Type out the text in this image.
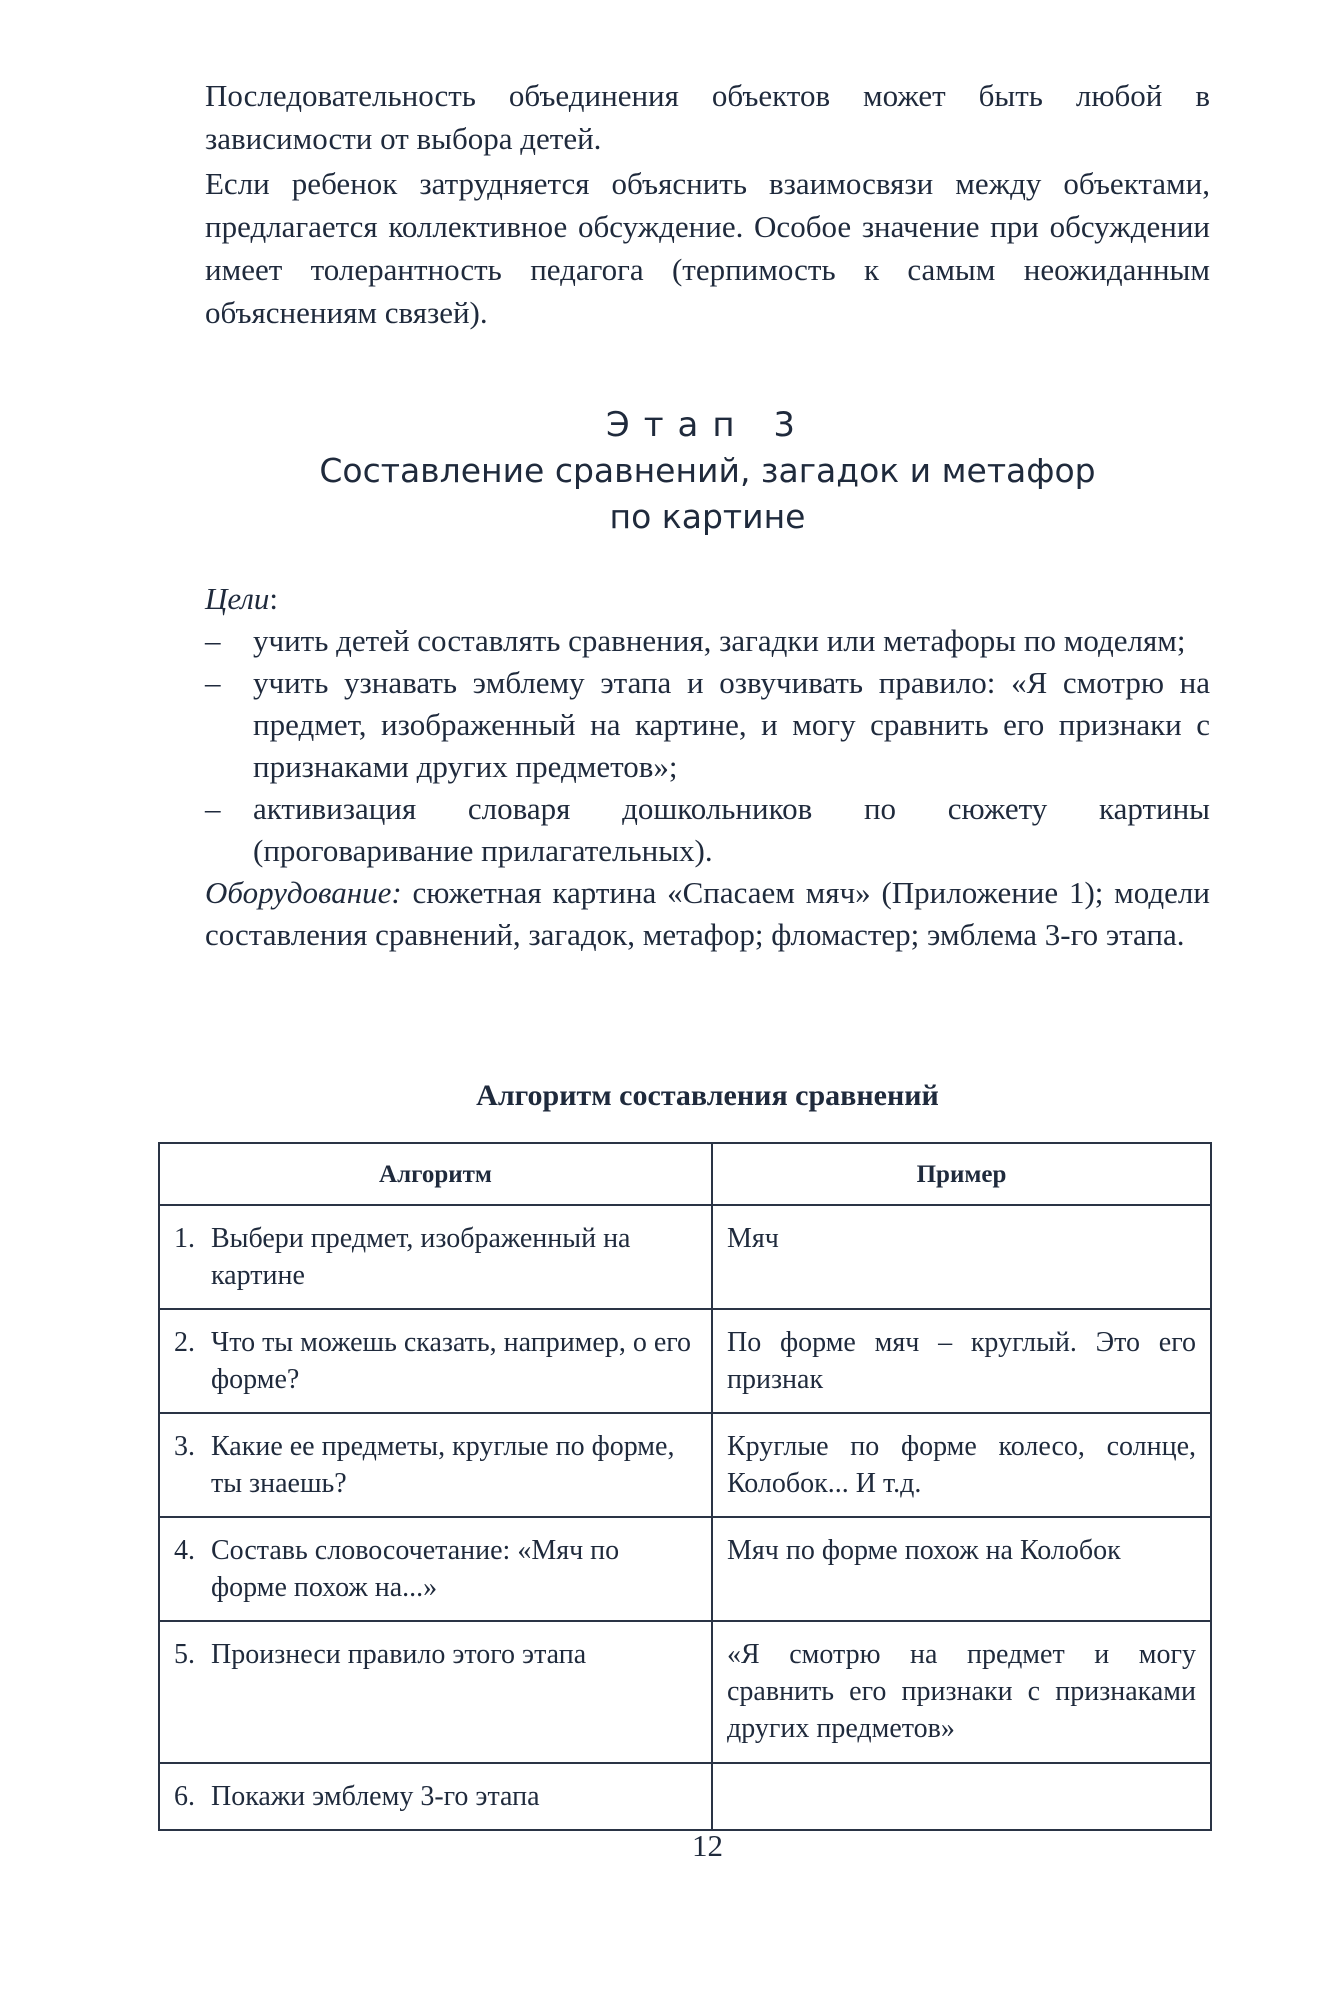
Последовательность объединения объектов может быть любой в зависимости от выбора детей.

Если ребенок затрудняется объяснить взаимосвязи между объектами, предлагается коллективное обсуждение. Особое значение при обсуждении имеет толерантность педагога (терпимость к самым неожиданным объяснениям связей).

Этап 3
Составление сравнений, загадок и метафор
по картине
Цели:
– учить детей составлять сравнения, загадки или метафоры по моделям;
– учить узнавать эмблему этапа и озвучивать правило: «Я смотрю на предмет, изображенный на картине, и могу сравнить его признаки с признаками других предметов»;
– активизация словаря дошкольников по сюжету картины (проговаривание прилагательных).
Оборудование: сюжетная картина «Спасаем мяч» (Приложение 1); модели составления сравнений, загадок, метафор; фломастер; эмблема 3-го этапа.
Алгоритм составления сравнений
Алгоритм	Пример

1. Выбери предмет, изображенный на картине	Мяч

2. Что ты можешь сказать, например, о его форме?	По форме мяч – круглый. Это его признак

3. Какие ее предметы, круглые по форме, ты знаешь?	Круглые по форме колесо, солнце, Колобок... И т.д.

4. Составь словосочетание: «Мяч по форме похож на...»	Мяч по форме похож на Колобок

5. Произнеси правило этого этапа	«Я смотрю на предмет и могу сравнить его признаки с признаками других предметов»

6. Покажи эмблему 3-го этапа	

12
